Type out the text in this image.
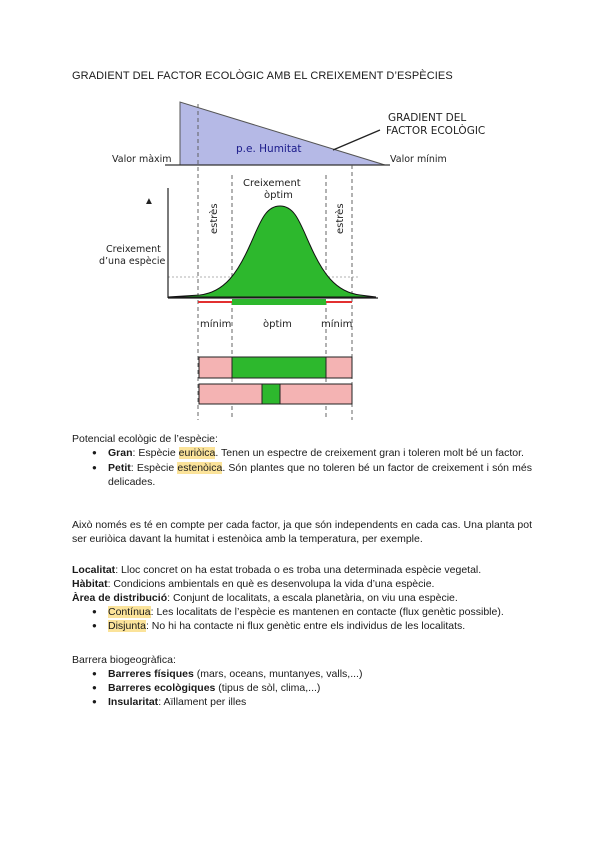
GRADIENT DEL FACTOR ECOLÒGIC AMB EL CREIXEMENT D’ESPÈCIES
p.e. Humitat
Valor màxim	Valor mínim
GRADIENT DEL
FACTOR ECOLÒGIC
▲
Creixement
òptim
estrès	estrès
Creixement
d’una espècie
mínim	òptim	mínim

Potencial ecològic de l’espècie:

● Gran: Espècie euriòica. Tenen un espectre de creixement gran i toleren molt bé un factor.
● Petit: Espècie estenòica. Són plantes que no toleren bé un factor de creixement i són més delicades.
Això només es té en compte per cada factor, ja que són independents en cada cas. Una planta pot ser euriòica davant la humitat i estenòica amb la temperatura, per exemple.

Localitat: Lloc concret on ha estat trobada o es troba una determinada espècie vegetal.

Hàbitat: Condicions ambientals en què es desenvolupa la vida d’una espècie.

Àrea de distribució: Conjunt de localitats, a escala planetària, on viu una espècie.

● Contínua: Les localitats de l’espècie es mantenen en contacte (flux genètic possible).
● Disjunta: No hi ha contacte ni flux genètic entre els individus de les localitats.

Barrera biogeogràfica:

● Barreres físiques (mars, oceans, muntanyes, valls,...)
● Barreres ecològiques (tipus de sòl, clima,...)
● Insularitat: Aïllament per illes
